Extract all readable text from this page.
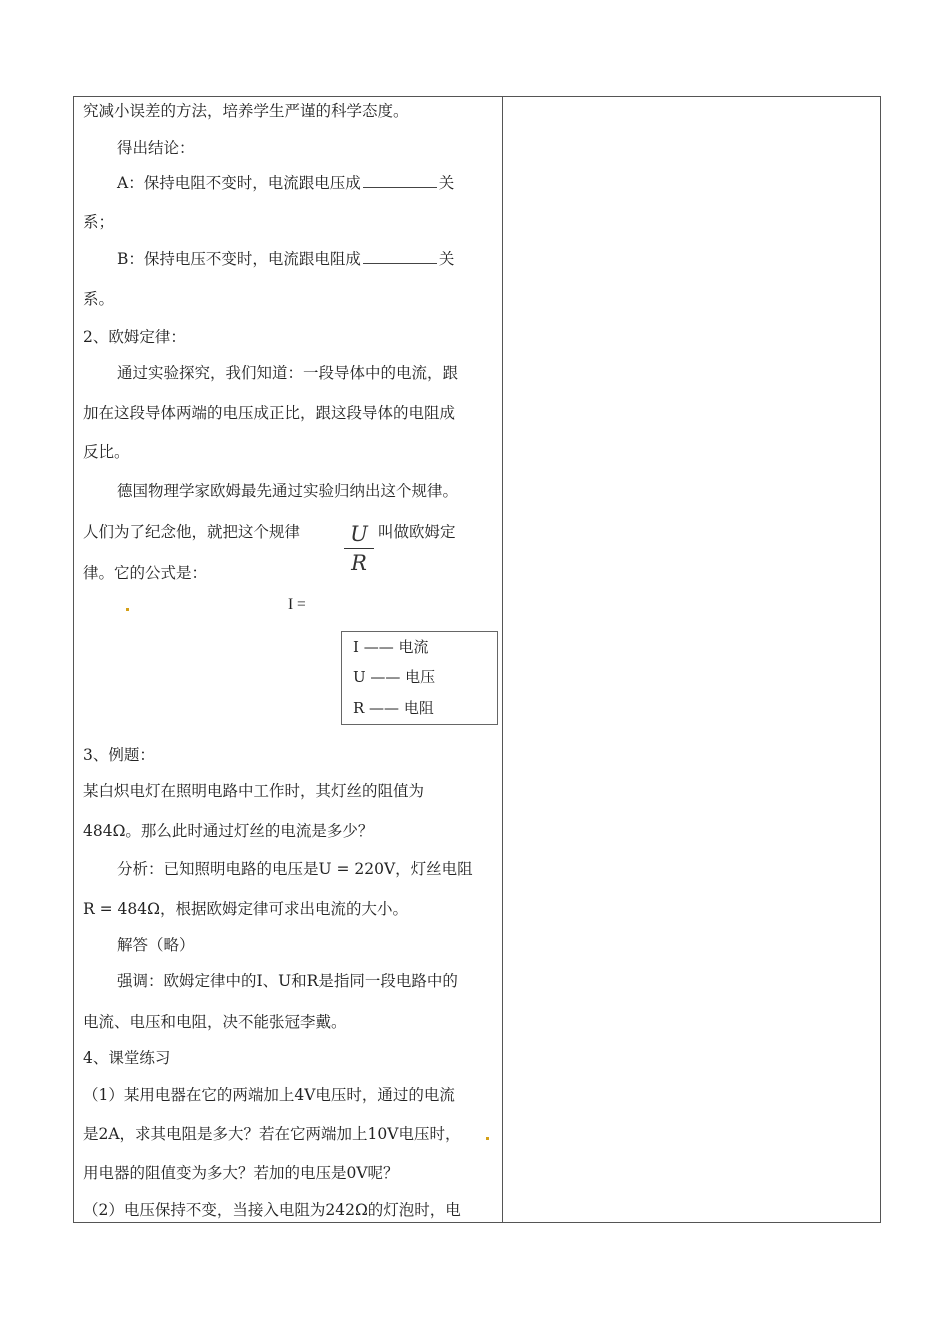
究减小误差的方法，培养学生严谨的科学态度。
得出结论：
A：保持电阻不变时，电流跟电压成	关
系；
B：保持电压不变时，电流跟电阻成	关
系。
2、欧姆定律：
通过实验探究，我们知道：一段导体中的电流，跟
加在这段导体两端的电压成正比，跟这段导体的电阻成
反比。
德国物理学家欧姆最先通过实验归纳出这个规律。
人们为了纪念他，就把这个规律	叫做欧姆定
U
R
律。它的公式是：
I =
I —— 电流
U —— 电压
R —— 电阻
3、例题：
某白炽电灯在照明电路中工作时，其灯丝的阻值为
484Ω。那么此时通过灯丝的电流是多少？
分析：已知照明电路的电压是U = 220V，灯丝电阻
R = 484Ω，根据欧姆定律可求出电流的大小。
解答（略）
强调：欧姆定律中的I、U和R是指同一段电路中的
电流、电压和电阻，决不能张冠李戴。
4、课堂练习
（1）某用电器在它的两端加上4V电压时，通过的电流
是2A，求其电阻是多大？若在它两端加上10V电压时，
用电器的阻值变为多大？若加的电压是0V呢？
（2）电压保持不变，当接入电阻为242Ω的灯泡时，电
